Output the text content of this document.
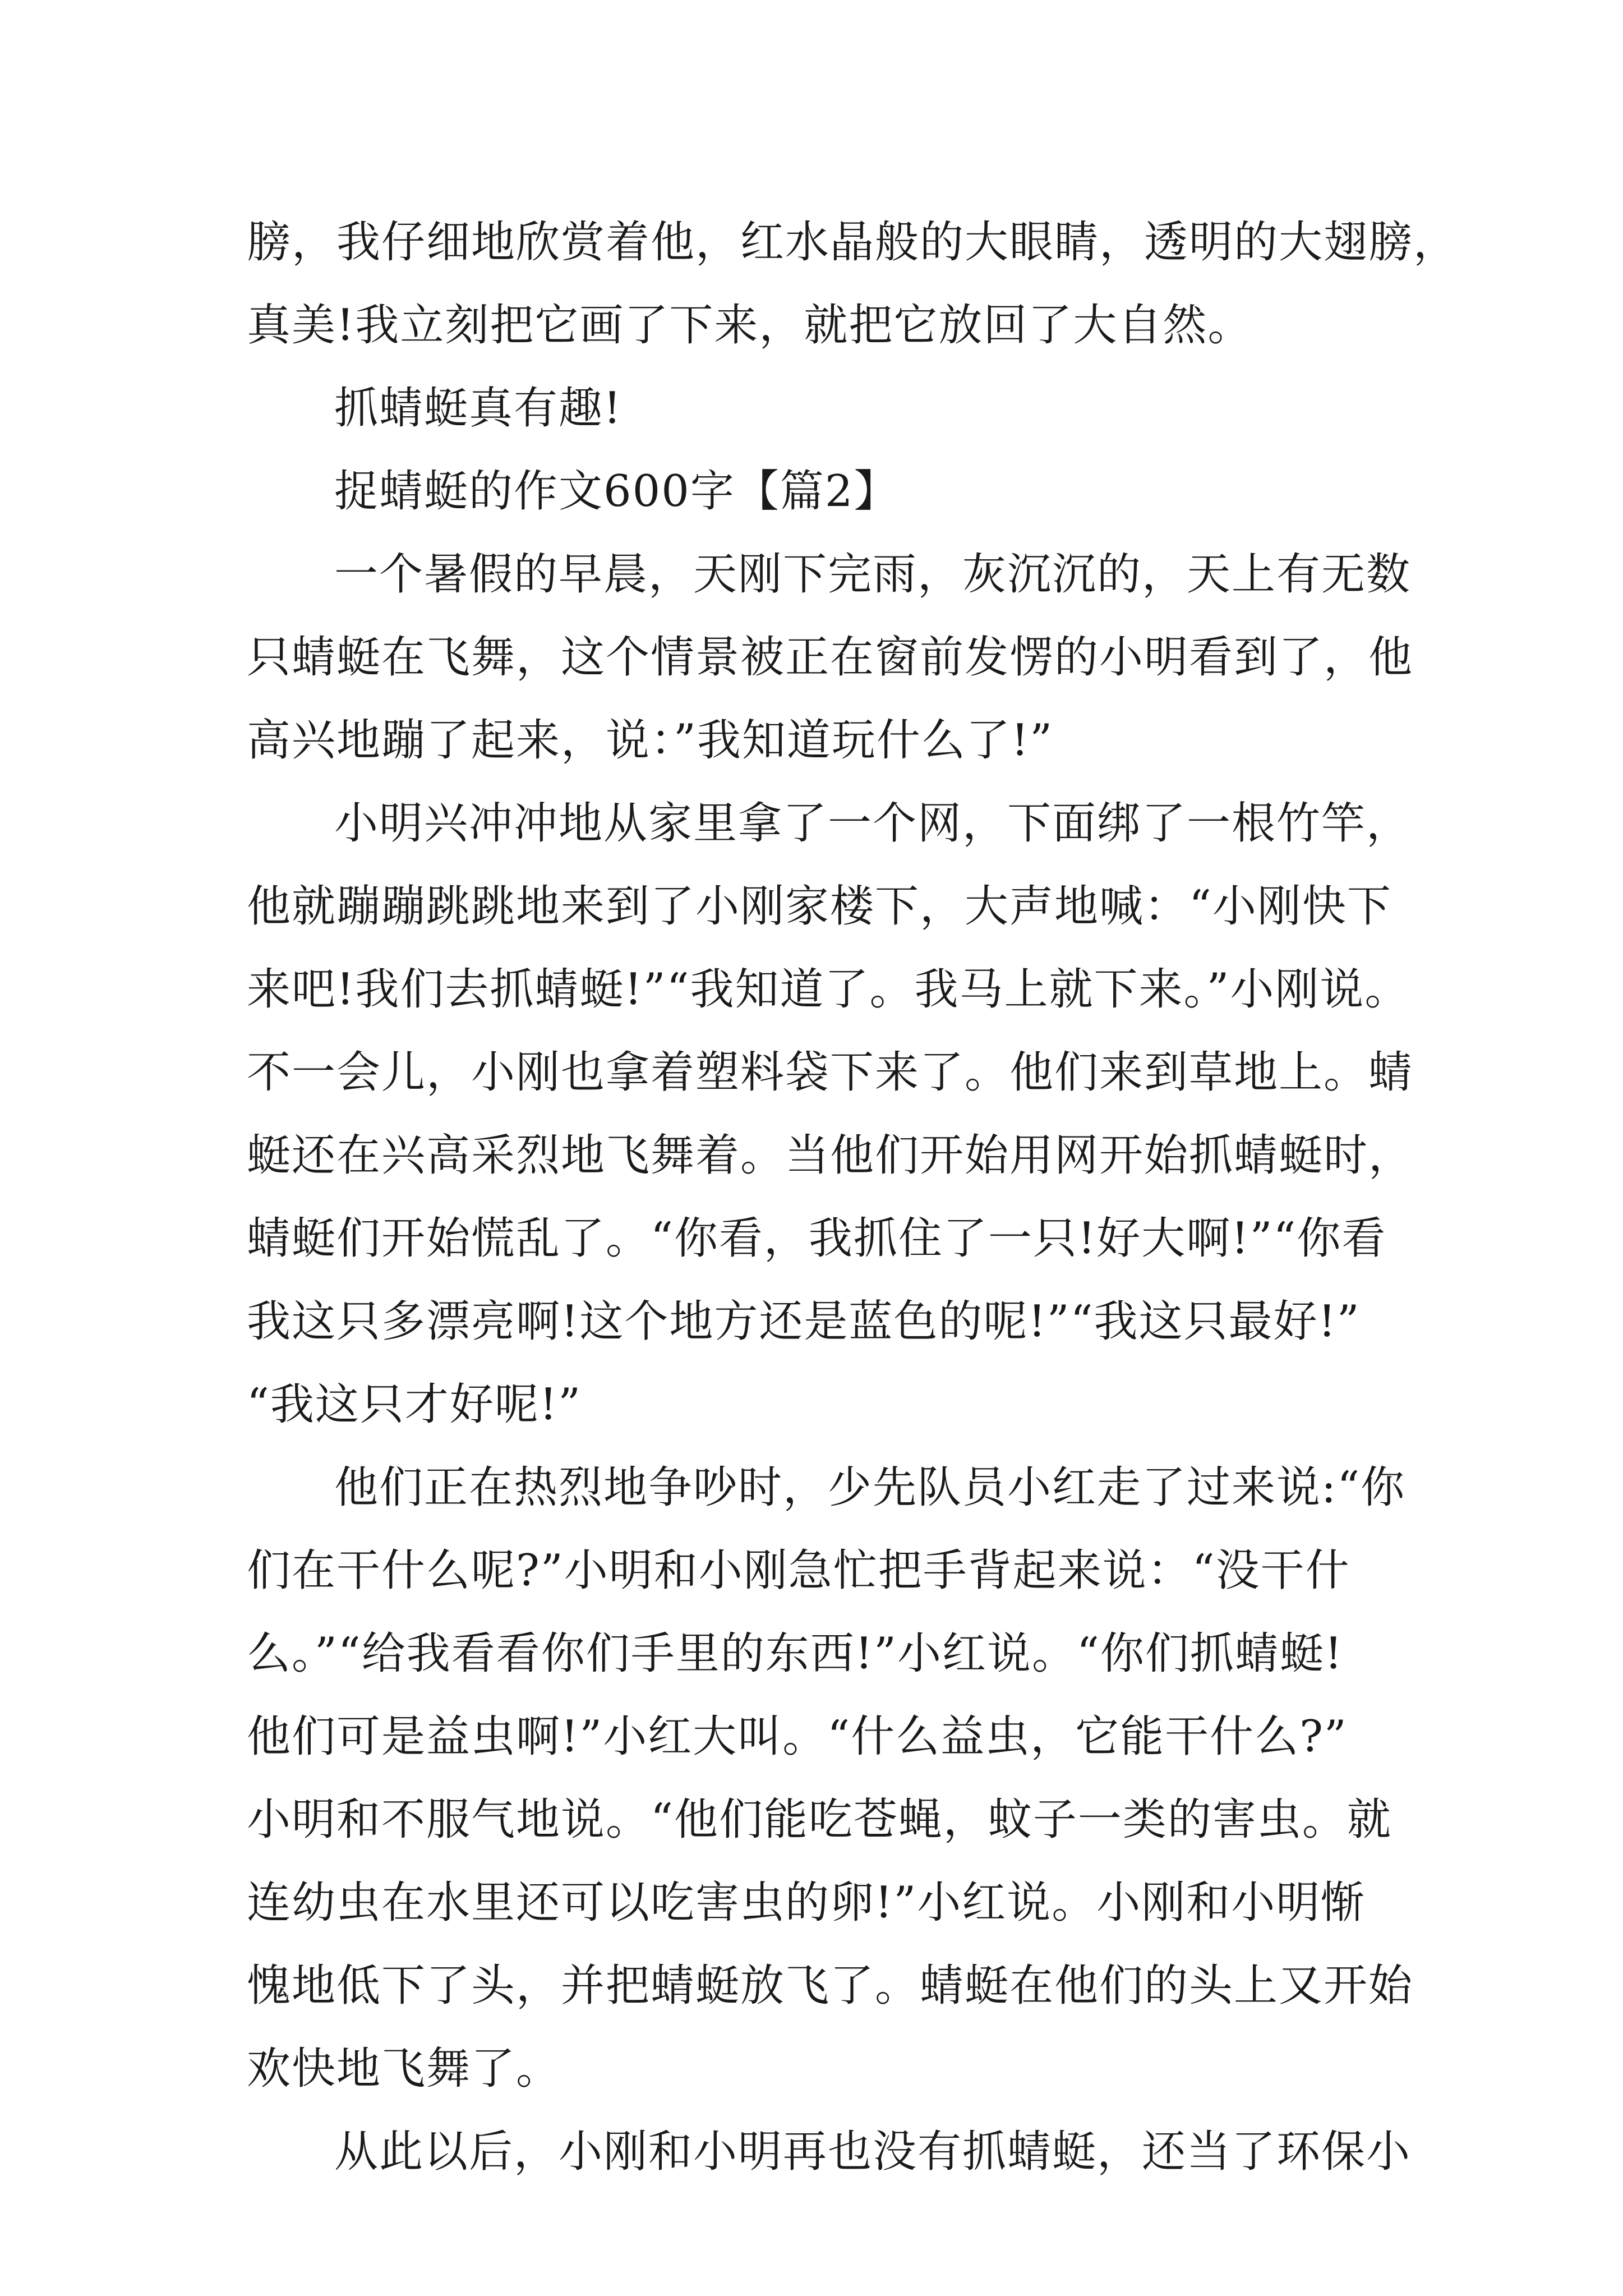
膀，我仔细地欣赏着他，红水晶般的大眼睛，透明的大翅膀，
真美!我立刻把它画了下来，就把它放回了大自然。
抓蜻蜓真有趣!
捉蜻蜓的作文600字【篇2】
一个暑假的早晨，天刚下完雨，灰沉沉的，天上有无数
只蜻蜓在飞舞，这个情景被正在窗前发愣的小明看到了，他
高兴地蹦了起来，说：”我知道玩什么了!”
小明兴冲冲地从家里拿了一个网，下面绑了一根竹竿，
他就蹦蹦跳跳地来到了小刚家楼下，大声地喊：“小刚快下
来吧!我们去抓蜻蜓!”“我知道了。我马上就下来。”小刚说。
不一会儿，小刚也拿着塑料袋下来了。他们来到草地上。蜻
蜓还在兴高采烈地飞舞着。当他们开始用网开始抓蜻蜓时，
蜻蜓们开始慌乱了。“你看，我抓住了一只!好大啊!”“你看
我这只多漂亮啊!这个地方还是蓝色的呢!”“我这只最好!”
“我这只才好呢!”
他们正在热烈地争吵时，少先队员小红走了过来说:“你
们在干什么呢?”小明和小刚急忙把手背起来说：“没干什
么。”“给我看看你们手里的东西!”小红说。“你们抓蜻蜓!
他们可是益虫啊!”小红大叫。“什么益虫，它能干什么?”
小明和不服气地说。“他们能吃苍蝇，蚊子一类的害虫。就
连幼虫在水里还可以吃害虫的卵!”小红说。小刚和小明惭
愧地低下了头，并把蜻蜓放飞了。蜻蜓在他们的头上又开始
欢快地飞舞了。
从此以后，小刚和小明再也没有抓蜻蜓，还当了环保小
